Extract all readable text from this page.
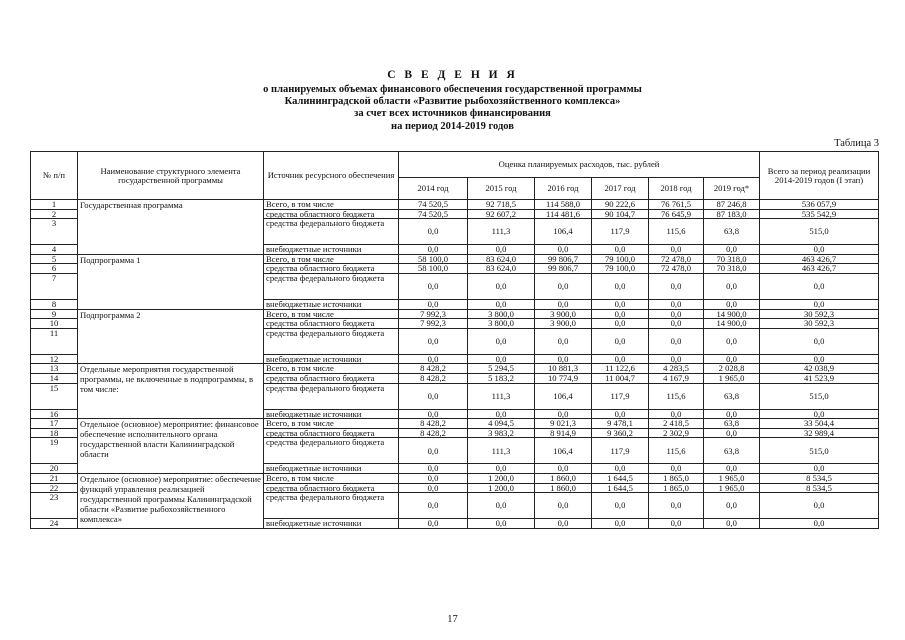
С В Е Д Е Н И Я
о планируемых объемах финансового обеспечения государственной программы
Калининградской области «Развитие рыбохозяйственного комплекса»
за счет всех источников финансирования
на период 2014-2019 годов
Таблица 3
№ п/п	Наименование структурного элемента государственной программы	Источник ресурсного обеспечения	Оценка планируемых расходов, тыс. рублей						Всего за период реализации 2014-2019 годов (I этап)
			2014 год	2015 год	2016 год	2017 год	2018 год	2019 год*	
1	Государственная программа	Всего, в том числе	74 520,5	92 718,5	114 588,0	90 222,6	76 761,5	87 246,8	536 057,9
2		средства областного бюджета	74 520,5	92 607,2	114 481,6	90 104,7	76 645,9	87 183,0	535 542,9
3		средства федерального бюджета	0,0	111,3	106,4	117,9	115,6	63,8	515,0
4		внебюджетные источники	0,0	0,0	0,0	0,0	0,0	0,0	0,0
5	Подпрограмма 1	Всего, в том числе	58 100,0	83 624,0	99 806,7	79 100,0	72 478,0	70 318,0	463 426,7
6		средства областного бюджета	58 100,0	83 624,0	99 806,7	79 100,0	72 478,0	70 318,0	463 426,7
7		средства федерального бюджета	0,0	0,0	0,0	0,0	0,0	0,0	0,0
8		внебюджетные источники	0,0	0,0	0,0	0,0	0,0	0,0	0,0
9	Подпрограмма 2	Всего, в том числе	7 992,3	3 800,0	3 900,0	0,0	0,0	14 900,0	30 592,3
10		средства областного бюджета	7 992,3	3 800,0	3 900,0	0,0	0,0	14 900,0	30 592,3
11		средства федерального бюджета	0,0	0,0	0,0	0,0	0,0	0,0	0,0
12		внебюджетные источники	0,0	0,0	0,0	0,0	0,0	0,0	0,0
13	Отдельные мероприятия государственной программы, не включенные в подпрограммы, в том числе:	Всего, в том числе	8 428,2	5 294,5	10 881,3	11 122,6	4 283,5	2 028,8	42 038,9
14		средства областного бюджета	8 428,2	5 183,2	10 774,9	11 004,7	4 167,9	1 965,0	41 523,9
15		средства федерального бюджета	0,0	111,3	106,4	117,9	115,6	63,8	515,0
16		внебюджетные источники	0,0	0,0	0,0	0,0	0,0	0,0	0,0
17	Отдельное (основное) мероприятие: финансовое обеспечение исполнительного органа государственной власти Калининградской области	Всего, в том числе	8 428,2	4 094,5	9 021,3	9 478,1	2 418,5	63,8	33 504,4
18		средства областного бюджета	8 428,2	3 983,2	8 914,9	9 360,2	2 302,9	0,0	32 989,4
19		средства федерального бюджета	0,0	111,3	106,4	117,9	115,6	63,8	515,0
20		внебюджетные источники	0,0	0,0	0,0	0,0	0,0	0,0	0,0
21	Отдельное (основное) мероприятие: обеспечение функций управления реализацией государственной программы Калининградской области «Развитие рыбохозяйственного комплекса»	Всего, в том числе	0,0	1 200,0	1 860,0	1 644,5	1 865,0	1 965,0	8 534,5
22		средства областного бюджета	0,0	1 200,0	1 860,0	1 644,5	1 865,0	1 965,0	8 534,5
23		средства федерального бюджета	0,0	0,0	0,0	0,0	0,0	0,0	0,0
24		внебюджетные источники	0,0	0,0	0,0	0,0	0,0	0,0	0,0
17
